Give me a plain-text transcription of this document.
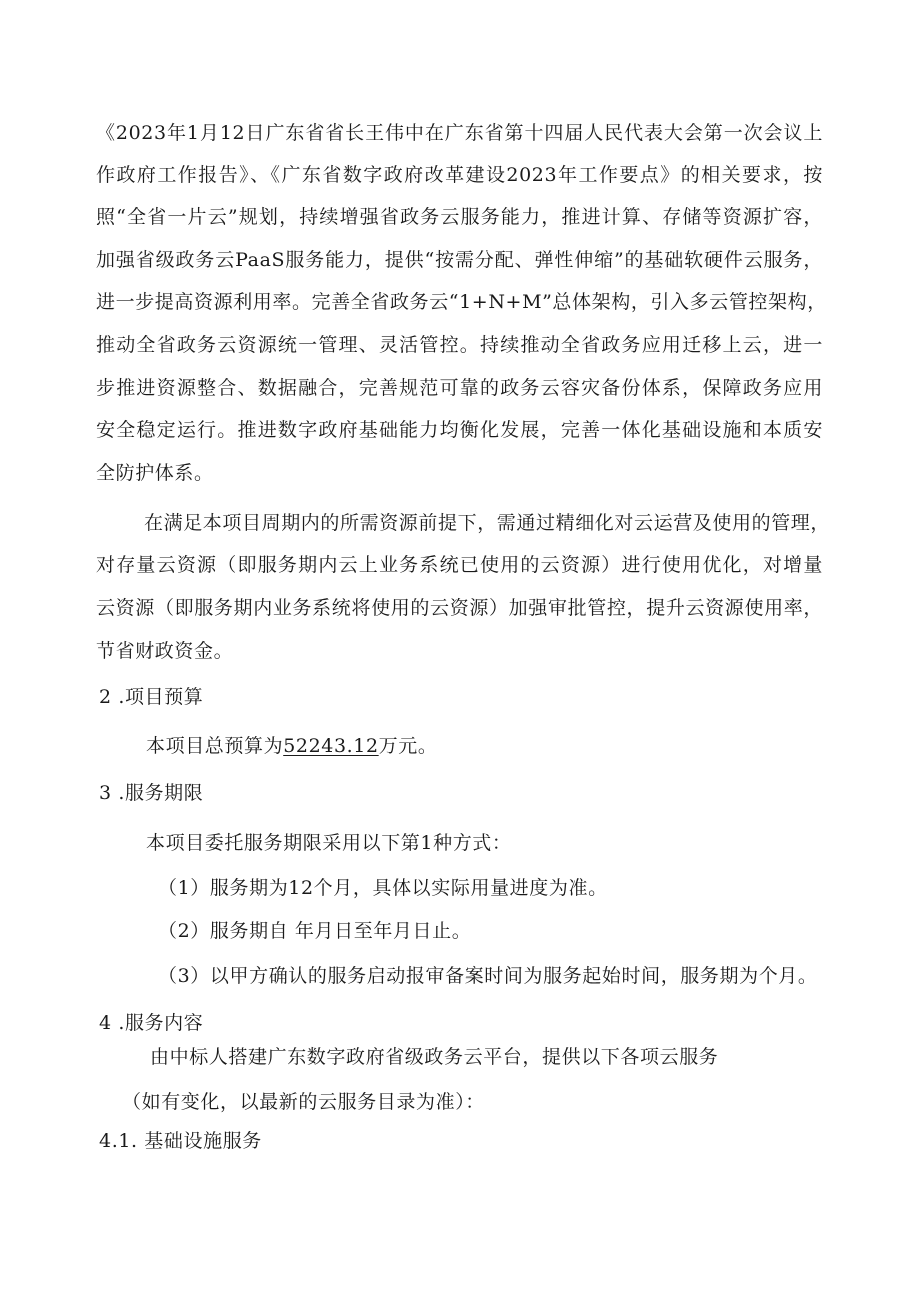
《2023年1月12日广东省省长王伟中在广东省第十四届人民代表大会第一次会议上
作政府工作报告》、《广东省数字政府改革建设2023年工作要点》的相关要求，按
照“全省一片云”规划，持续增强省政务云服务能力，推进计算、存储等资源扩容，
加强省级政务云PaaS服务能力，提供“按需分配、弹性伸缩”的基础软硬件云服务，
进一步提高资源利用率。完善全省政务云“1+N+M”总体架构，引入多云管控架构，
推动全省政务云资源统一管理、灵活管控。持续推动全省政务应用迁移上云，进一
步推进资源整合、数据融合，完善规范可靠的政务云容灾备份体系，保障政务应用
安全稳定运行。推进数字政府基础能力均衡化发展，完善一体化基础设施和本质安
全防护体系。
在满足本项目周期内的所需资源前提下，需通过精细化对云运营及使用的管理，
对存量云资源（即服务期内云上业务系统已使用的云资源）进行使用优化，对增量
云资源（即服务期内业务系统将使用的云资源）加强审批管控，提升云资源使用率，
节省财政资金。
2 .项目预算
本项目总预算为52243.12万元。
3 .服务期限
本项目委托服务期限采用以下第1种方式：
（1）服务期为12个月，具体以实际用量进度为准。
（2）服务期自 年月日至年月日止。
（3）以甲方确认的服务启动报审备案时间为服务起始时间，服务期为个月。
4 .服务内容
由中标人搭建广东数字政府省级政务云平台，提供以下各项云服务
（如有变化，以最新的云服务目录为准）：
4.1. 基础设施服务
